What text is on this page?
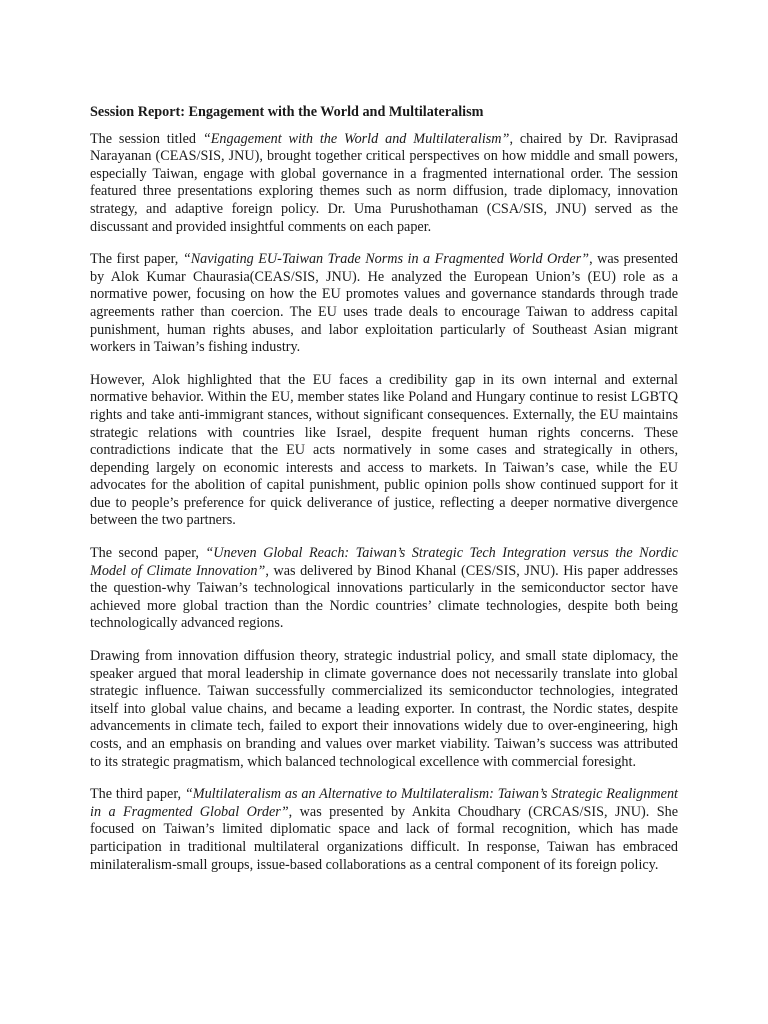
Session Report: Engagement with the World and Multilateralism

The session titled “Engagement with the World and Multilateralism”, chaired by Dr. Raviprasad Narayanan (CEAS/SIS, JNU), brought together critical perspectives on how middle and small powers, especially Taiwan, engage with global governance in a fragmented international order. The session featured three presentations exploring themes such as norm diffusion, trade diplomacy, innovation strategy, and adaptive foreign policy. Dr. Uma Purushothaman (CSA/SIS, JNU) served as the discussant and provided insightful comments on each paper.

The first paper, “Navigating EU-Taiwan Trade Norms in a Fragmented World Order”, was presented by Alok Kumar Chaurasia(CEAS/SIS, JNU). He analyzed the European Union’s (EU) role as a normative power, focusing on how the EU promotes values and governance standards through trade agreements rather than coercion. The EU uses trade deals to encourage Taiwan to address capital punishment, human rights abuses, and labor exploitation particularly of Southeast Asian migrant workers in Taiwan’s fishing industry.

However, Alok highlighted that the EU faces a credibility gap in its own internal and external normative behavior. Within the EU, member states like Poland and Hungary continue to resist LGBTQ rights and take anti-immigrant stances, without significant consequences. Externally, the EU maintains strategic relations with countries like Israel, despite frequent human rights concerns. These contradictions indicate that the EU acts normatively in some cases and strategically in others, depending largely on economic interests and access to markets. In Taiwan’s case, while the EU advocates for the abolition of capital punishment, public opinion polls show continued support for it due to people’s preference for quick deliverance of justice, reflecting a deeper normative divergence between the two partners.

The second paper, “Uneven Global Reach: Taiwan’s Strategic Tech Integration versus the Nordic Model of Climate Innovation”, was delivered by Binod Khanal (CES/SIS, JNU). His paper addresses the question-why Taiwan’s technological innovations particularly in the semiconductor sector have achieved more global traction than the Nordic countries’ climate technologies, despite both being technologically advanced regions.

Drawing from innovation diffusion theory, strategic industrial policy, and small state diplomacy, the speaker argued that moral leadership in climate governance does not necessarily translate into global strategic influence. Taiwan successfully commercialized its semiconductor technologies, integrated itself into global value chains, and became a leading exporter. In contrast, the Nordic states, despite advancements in climate tech, failed to export their innovations widely due to over-engineering, high costs, and an emphasis on branding and values over market viability. Taiwan’s success was attributed to its strategic pragmatism, which balanced technological excellence with commercial foresight.

The third paper, “Multilateralism as an Alternative to Multilateralism: Taiwan’s Strategic Realignment in a Fragmented Global Order”, was presented by Ankita Choudhary (CRCAS/SIS, JNU). She focused on Taiwan’s limited diplomatic space and lack of formal recognition, which has made participation in traditional multilateral organizations difficult. In response, Taiwan has embraced minilateralism-small groups, issue-based collaborations as a central component of its foreign policy.
